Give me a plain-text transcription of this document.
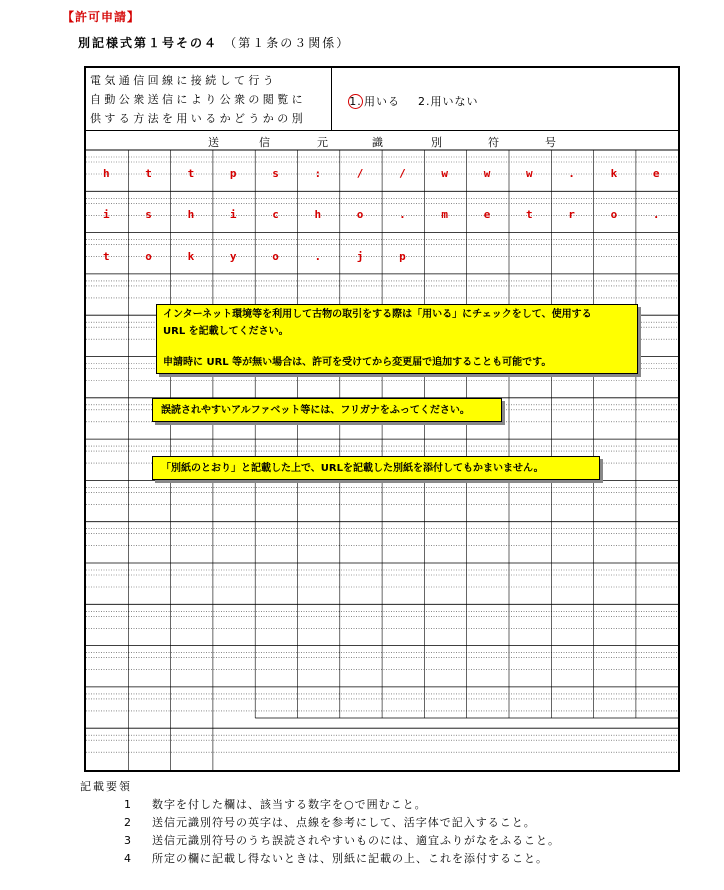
【許可申請】
別記様式第１号その４ （第１条の３関係）
電気通信回線に接続して行う
自動公衆送信により公衆の閲覧に
供する方法を用いるかどうかの別
1. 用いる 2.用いない
送	信	元	識	別	符	号
h	t	t	p	s	:	/	/	w	w	w	.	k	e
i	s	h	i	c	h	o	.	m	e	t	r	o	.
t	o	k	y	o	.	j	p

インターネット環境等を利用して古物の取引をする際は「用いる」にチェックをして、使用する

URL を記載してください。

申請時に URL 等が無い場合は、許可を受けてから変更届で追加することも可能です。

誤読されやすいアルファベット等には、フリガナをふってください。
「別紙のとおり」と記載した上で、URLを記載した別紙を添付してもかまいません。
記載要領
1 数字を付した欄は、該当する数字を○で囲むこと。
2 送信元識別符号の英字は、点線を参考にして、活字体で記入すること。
3 送信元識別符号のうち誤読されやすいものには、適宜ふりがなをふること。
4 所定の欄に記載し得ないときは、別紙に記載の上、これを添付すること。
